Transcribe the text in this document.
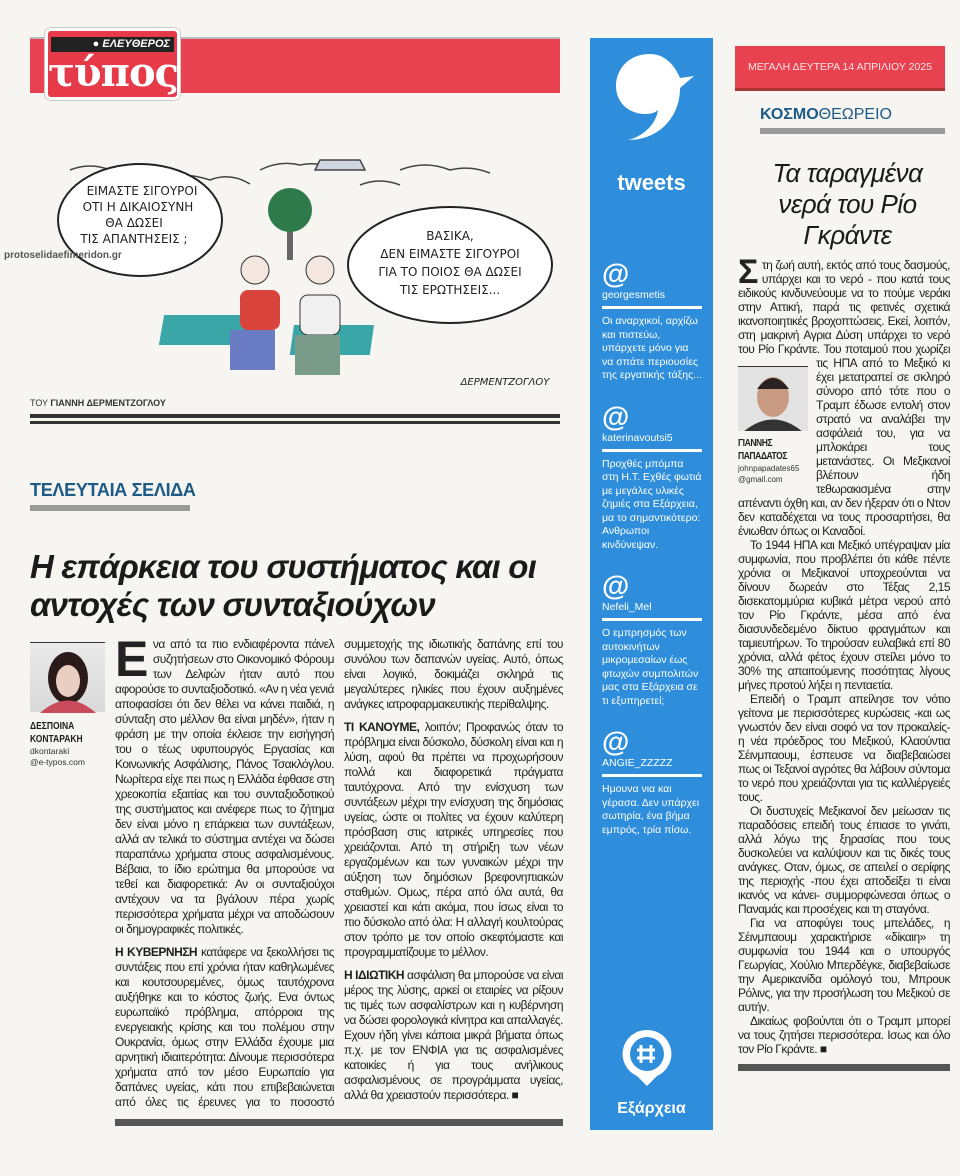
● ΕΛΕΥΘΕΡΟΣ
τύπος
ΕΙΜΑΣΤΕ ΣΙΓΟΥΡΟΙ
ΟΤΙ Η ΔΙΚΑΙΟΣΥΝΗ
ΘΑ ΔΩΣΕΙ
ΤΙΣ ΑΠΑΝΤΗΣΕΙΣ ;	ΒΑΣΙΚΑ,
ΔΕΝ ΕΙΜΑΣΤΕ ΣΙΓΟΥΡΟΙ
ΓΙΑ ΤΟ ΠΟΙΟΣ ΘΑ ΔΩΣΕΙ
ΤΙΣ ΕΡΩΤΗΣΕΙΣ...
ΔΕΡΜΕΝΤΖΟΓΛΟΥ
protoselidaefimeridon.gr
ΤΟΥ ΓΙΑΝΝΗ ΔΕΡΜΕΝΤΖΟΓΛΟΥ
ΤΕΛΕΥΤΑΙΑ ΣΕΛΙΔΑ
Η επάρκεια του συστήματος και οι αντοχές των συνταξιούχων
ΔΕΣΠΟΙΝΑ
ΚΟΝΤΑΡΑΚΗ
dkontaraki
@e-typos.com

Ενα από τα πιο ενδιαφέροντα πάνελ συζητήσεων στο Οικονομικό Φόρουμ των Δελφών ήταν αυτό που αφορούσε το συνταξιοδοτικό. «Αν η νέα γενιά αποφασίσει ότι δεν θέλει να κάνει παιδιά, η σύνταξη στο μέλλον θα είναι μηδέν», ήταν η φράση με την οποία έκλεισε την εισήγησή του ο τέως υφυπουργός Εργασίας και Κοινωνικής Ασφάλισης, Πάνος Τσακλόγλου. Νωρίτερα είχε πει πως η Ελλάδα έφθασε στη χρεοκοπία εξαιτίας και του συνταξιοδοτικού της συστήματος και ανέφερε πως το ζήτημα δεν είναι μόνο η επάρκεια των συντάξεων, αλλά αν τελικά το σύστημα αντέχει να δώσει παραπάνω χρήματα στους ασφαλισμένους. Βέβαια, το ίδιο ερώτημα θα μπορούσε να τεθεί και διαφορετικά: Αν οι συνταξιούχοι αντέχουν να τα βγάλουν πέρα χωρίς περισσότερα χρήματα μέχρι να αποδώσουν οι δημογραφικές πολιτικές.

Η ΚΥΒΕΡΝΗΣΗ κατάφερε να ξεκολλήσει τις συντάξεις που επί χρόνια ήταν καθηλωμένες και κουτσουρεμένες, όμως ταυτόχρονα αυξήθηκε και το κόστος ζωής. Ενα όντως ευρωπαϊκό πρόβλημα, απόρροια της ενεργειακής κρίσης και του πολέμου στην Ουκρανία, όμως στην Ελλάδα έχουμε μια αρνητική ιδιαιτερότητα: Δίνουμε περισσότερα χρήματα από τον μέσο Ευρωπαίο για δαπάνες υγείας, κάτι που επιβεβαιώνεται από όλες τις έρευνες για το ποσοστό συμμετοχής της ιδιωτικής δαπάνης επί του συνόλου των δαπανών υγείας. Αυτό, όπως είναι λογικό, δοκιμάζει σκληρά τις μεγαλύτερες ηλικίες που έχουν αυξημένες ανάγκες ιατροφαρμακευτικής περίθαλψης.

ΤΙ ΚΑΝΟΥΜΕ, λοιπόν; Προφανώς όταν το πρόβλημα είναι δύσκολο, δύσκολη είναι και η λύση, αφού θα πρέπει να προχωρήσουν πολλά και διαφορετικά πράγματα ταυτόχρονα. Από την ενίσχυση των συντάξεων μέχρι την ενίσχυση της δημόσιας υγείας, ώστε οι πολίτες να έχουν καλύτερη πρόσβαση στις ιατρικές υπηρεσίες που χρειάζονται. Από τη στήριξη των νέων εργαζομένων και των γυναικών μέχρι την αύξηση των δημόσιων βρεφονηπιακών σταθμών. Ομως, πέρα από όλα αυτά, θα χρειαστεί και κάτι ακόμα, που ίσως είναι το πιο δύσκολο από όλα: Η αλλαγή κουλτούρας στον τρόπο με τον οποίο σκεφτόμαστε και προγραμματίζουμε το μέλλον.

Η ΙΔΙΩΤΙΚΗ ασφάλιση θα μπορούσε να είναι μέρος της λύσης, αρκεί οι εταιρίες να ρίξουν τις τιμές των ασφαλίστρων και η κυβέρνηση να δώσει φορολογικά κίνητρα και απαλλαγές. Εχουν ήδη γίνει κάποια μικρά βήματα όπως π.χ. με τον ΕΝΦΙΑ για τις ασφαλισμένες κατοικίες ή για τους ανήλικους ασφαλισμένους σε προγράμματα υγείας, αλλά θα χρειαστούν περισσότερα. ■

tweets
@
georgesmetis
Οι αναρχικοί, αρχίζω και πιστεύω, υπάρχετε μόνο για να σπάτε περιουσίες της εργατικής τάξης...
@
katerinavoutsi5
Προχθές μπόμπα στη Η.Τ. Εχθές φωτιά με μεγάλες υλικές ζημιές στα Εξάρχεια, μα το σημαντικότερο: Ανθρωποι κινδύνεψαν.
@
Nefeli_Mel
Ο εμπρησμός των αυτοκινήτων μικρομεσαίων έως φτωχών συμπολιτών μας στα Εξάρχεια σε τι εξυπηρετεί;
@
ANGIE_ZZZZZ
Ημουνα νια και γέρασα. Δεν υπάρχει σωτηρία, ένα βήμα εμπρός, τρία πίσω.
Εξάρχεια
ΜΕΓΑΛΗ ΔΕΥΤΕΡΑ 14 ΑΠΡΙΛΙΟΥ 2025
ΚΟΣΜΟΘΕΩΡΕΙΟ
Τα ταραγμένα νερά του Ρίο Γκράντε

Σ
ΓΙΑΝΝΗΣ
ΠΑΠΑΔΑΤΟΣ
johnpapadates65
@gmail.com
τη ζωή αυτή, εκτός από τους δασμούς, υπάρχει και το νερό - που κατά τους ειδικούς κινδυνεύουμε να το πούμε νεράκι στην Αττική, παρά τις φετινές σχετικά ικανοποιητικές βροχοπτώσεις. Εκεί, λοιπόν, στη μακρινή Αγρια Δύση υπάρχει το νερό του Ρίο Γκράντε. Του ποταμού που χωρίζει τις ΗΠΑ από το Μεξικό κι έχει μετατραπεί σε σκληρό σύνορο από τότε που ο Τραμπ έδωσε εντολή στον στρατό να αναλάβει την ασφάλειά του, για να μπλοκάρει τους μετανάστες. Οι Μεξικανοί βλέπουν ήδη τεθωρακισμένα στην απέναντι όχθη και, αν δεν ήξεραν ότι ο Ντον δεν καταδέχεται να τους προσαρτήσει, θα ένιωθαν όπως οι Καναδοί.

Το 1944 ΗΠΑ και Μεξικό υπέγραψαν μία συμφωνία, που προβλέπει ότι κάθε πέντε χρόνια οι Μεξικανοί υποχρεούνται να δίνουν δωρεάν στο Τέξας 2,15 δισεκατομμύρια κυβικά μέτρα νερού από τον Ρίο Γκράντε, μέσα από ένα διασυνδεδεμένο δίκτυο φραγμάτων και ταμιευτήρων. Το τηρούσαν ευλαβικά επί 80 χρόνια, αλλά φέτος έχουν στείλει μόνο το 30% της απαιτούμενης ποσότητας λίγους μήνες προτού λήξει η πενταετία.

Επειδή ο Τραμπ απείλησε τον νότιο γείτονα με περισσότερες κυρώσεις -και ως γνωστόν δεν είναι σοφό να τον προκαλείς- η νέα πρόεδρος του Μεξικού, Κλαούντια Σέινμπαουμ, έσπευσε να διαβεβαιώσει πως οι Τεξανοί αγρότες θα λάβουν σύντομα το νερό που χρειάζονται για τις καλλιέργειές τους.

Οι δυστυχείς Μεξικανοί δεν μείωσαν τις παραδόσεις επειδή τους έπιασε το γινάτι, αλλά λόγω της ξηρασίας που τους δυσκολεύει να καλύψουν και τις δικές τους ανάγκες. Οταν, όμως, σε απειλεί ο σερίφης της περιοχής -που έχει αποδείξει τι είναι ικανός να κάνει- συμμορφώνεσαι όπως ο Παναμάς και προσέχεις και τη σταγόνα.

Για να αποφύγει τους μπελάδες, η Σέινμπαουμ χαρακτήρισε «δίκαιη» τη συμφωνία του 1944 και ο υπουργός Γεωργίας, Χούλιο Μπερδέγκε, διαβεβαίωσε την Αμερικανίδα ομόλογό του, Μπρουκ Ρόλινς, για την προσήλωση του Μεξικού σε αυτήν.

Δικαίως φοβούνται ότι ο Τραμπ μπορεί να τους ζητήσει περισσότερα. Ισως και όλο τον Ρίο Γκράντε. ■
